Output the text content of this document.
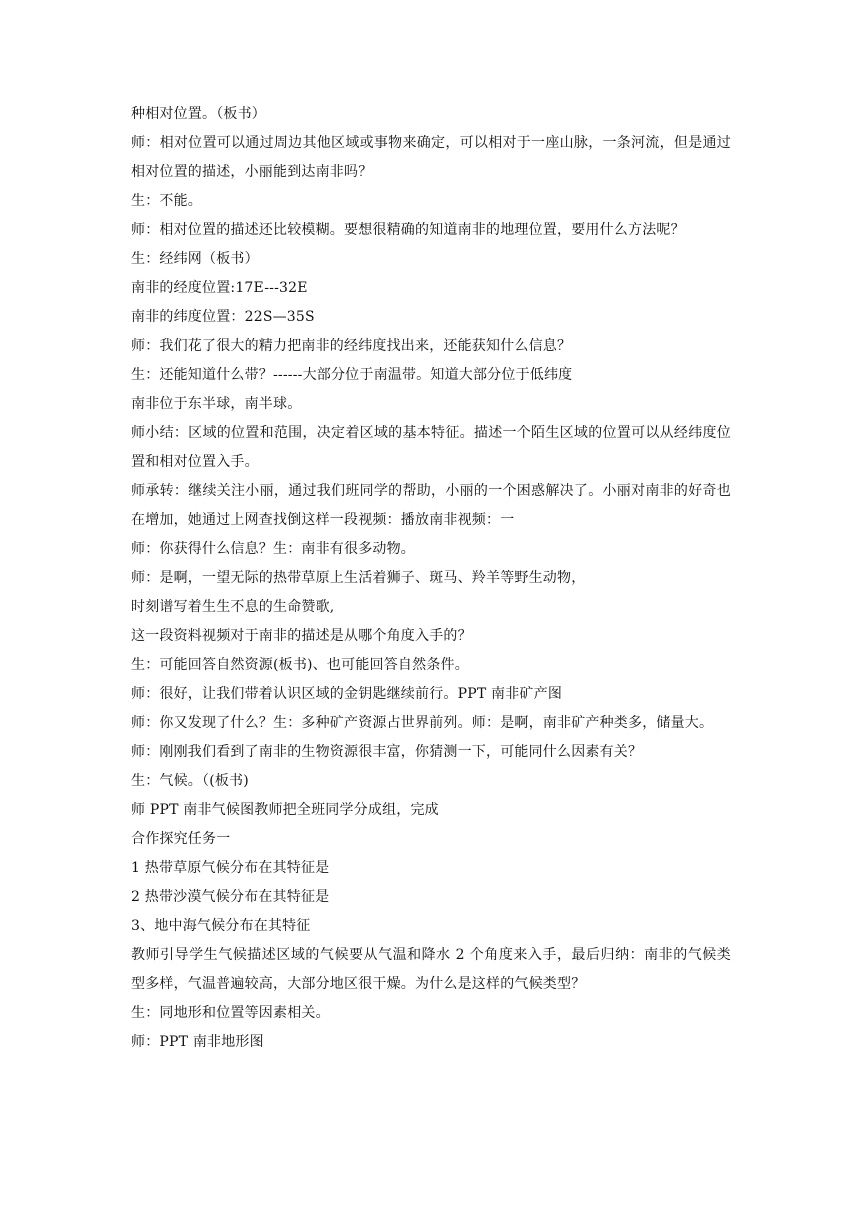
种相对位置。（板书）
师：相对位置可以通过周边其他区域或事物来确定，可以相对于一座山脉，一条河流，但是通过相对位置的描述，小丽能到达南非吗？
生：不能。
师：相对位置的描述还比较模糊。要想很精确的知道南非的地理位置，要用什么方法呢？
生：经纬网（板书）
南非的经度位置:17E---32E
南非的纬度位置：22S—35S
师：我们花了很大的精力把南非的经纬度找出来，还能获知什么信息？
生：还能知道什么带？------大部分位于南温带。知道大部分位于低纬度
南非位于东半球，南半球。
师小结：区域的位置和范围，决定着区域的基本特征。描述一个陌生区域的位置可以从经纬度位置和相对位置入手。
师承转：继续关注小丽，通过我们班同学的帮助，小丽的一个困惑解决了。小丽对南非的好奇也在增加，她通过上网查找倒这样一段视频：播放南非视频：一
师：你获得什么信息？生：南非有很多动物。
师：是啊，一望无际的热带草原上生活着狮子、斑马、羚羊等野生动物，
时刻谱写着生生不息的生命赞歌,
这一段资料视频对于南非的描述是从哪个角度入手的？
生：可能回答自然资源(板书)、也可能回答自然条件。
师：很好，让我们带着认识区域的金钥匙继续前行。PPT 南非矿产图
师：你又发现了什么？生：多种矿产资源占世界前列。师：是啊，南非矿产种类多，储量大。
师：刚刚我们看到了南非的生物资源很丰富，你猜测一下，可能同什么因素有关？
生：气候。（(板书)
师 PPT 南非气候图教师把全班同学分成组，完成
合作探究任务一
1 热带草原气候分布在其特征是
2 热带沙漠气候分布在其特征是
3、地中海气候分布在其特征
教师引导学生气候描述区域的气候要从气温和降水 2 个角度来入手，最后归纳：南非的气候类型多样，气温普遍较高，大部分地区很干燥。为什么是这样的气候类型？
生：同地形和位置等因素相关。
师：PPT 南非地形图
